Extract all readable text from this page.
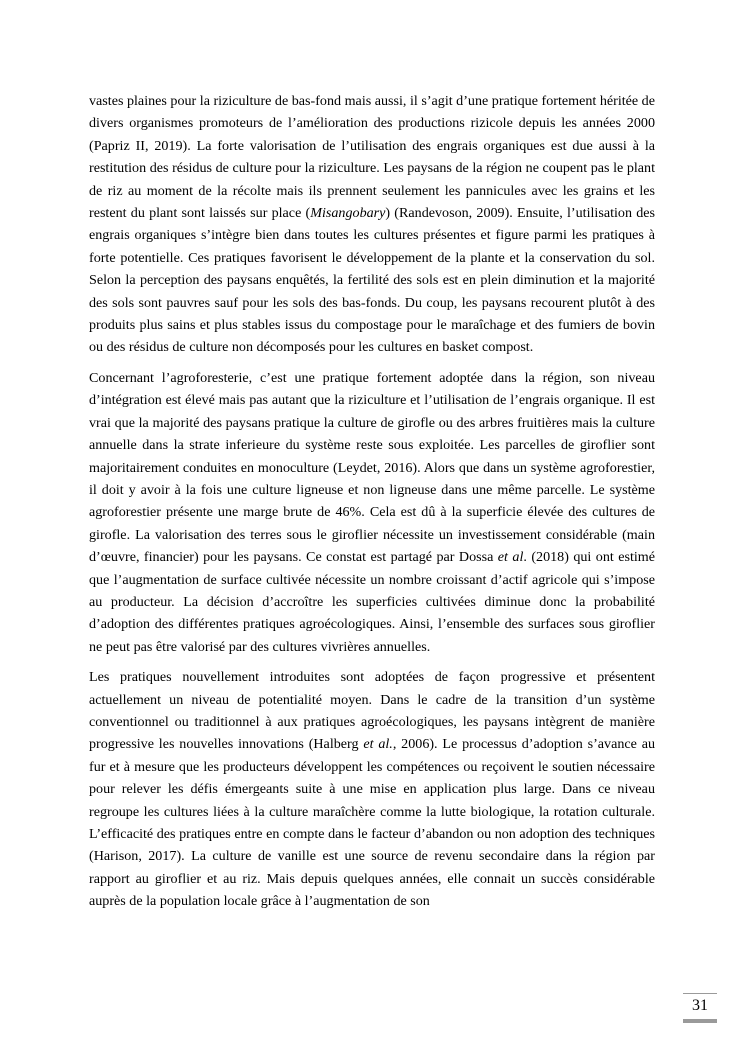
vastes plaines pour la riziculture de bas-fond mais aussi, il s’agit d’une pratique fortement héritée de divers organismes promoteurs de l’amélioration des productions rizicole depuis les années 2000 (Papriz II, 2019). La forte valorisation de l’utilisation des engrais organiques est due aussi à la restitution des résidus de culture pour la riziculture. Les paysans de la région ne coupent pas le plant de riz au moment de la récolte mais ils prennent seulement les pannicules avec les grains et les restent du plant sont laissés sur place (Misangobary) (Randevoson, 2009). Ensuite, l’utilisation des engrais organiques s’intègre bien dans toutes les cultures présentes et figure parmi les pratiques à forte potentielle. Ces pratiques favorisent le développement de la plante et la conservation du sol. Selon la perception des paysans enquêtés, la fertilité des sols est en plein diminution et la majorité des sols sont pauvres sauf pour les sols des bas-fonds. Du coup, les paysans recourent plutôt à des produits plus sains et plus stables issus du compostage pour le maraîchage et des fumiers de bovin ou des résidus de culture non décomposés pour les cultures en basket compost.

Concernant l’agroforesterie, c’est une pratique fortement adoptée dans la région, son niveau d’intégration est élevé mais pas autant que la riziculture et l’utilisation de l’engrais organique. Il est vrai que la majorité des paysans pratique la culture de girofle ou des arbres fruitières mais la culture annuelle dans la strate inferieure du système reste sous exploitée. Les parcelles de giroflier sont majoritairement conduites en monoculture (Leydet, 2016). Alors que dans un système agroforestier, il doit y avoir à la fois une culture ligneuse et non ligneuse dans une même parcelle. Le système agroforestier présente une marge brute de 46%. Cela est dû à la superficie élevée des cultures de girofle. La valorisation des terres sous le giroflier nécessite un investissement considérable (main d’œuvre, financier) pour les paysans. Ce constat est partagé par Dossa et al. (2018) qui ont estimé que l’augmentation de surface cultivée nécessite un nombre croissant d’actif agricole qui s’impose au producteur. La décision d’accroître les superficies cultivées diminue donc la probabilité d’adoption des différentes pratiques agroécologiques. Ainsi, l’ensemble des surfaces sous giroflier ne peut pas être valorisé par des cultures vivrières annuelles.

Les pratiques nouvellement introduites sont adoptées de façon progressive et présentent actuellement un niveau de potentialité moyen. Dans le cadre de la transition d’un système conventionnel ou traditionnel à aux pratiques agroécologiques, les paysans intègrent de manière progressive les nouvelles innovations (Halberg et al., 2006). Le processus d’adoption s’avance au fur et à mesure que les producteurs développent les compétences ou reçoivent le soutien nécessaire pour relever les défis émergeants suite à une mise en application plus large. Dans ce niveau regroupe les cultures liées à la culture maraîchère comme la lutte biologique, la rotation culturale. L’efficacité des pratiques entre en compte dans le facteur d’abandon ou non adoption des techniques (Harison, 2017). La culture de vanille est une source de revenu secondaire dans la région par rapport au giroflier et au riz. Mais depuis quelques années, elle connait un succès considérable auprès de la population locale grâce à l’augmentation de son

31
